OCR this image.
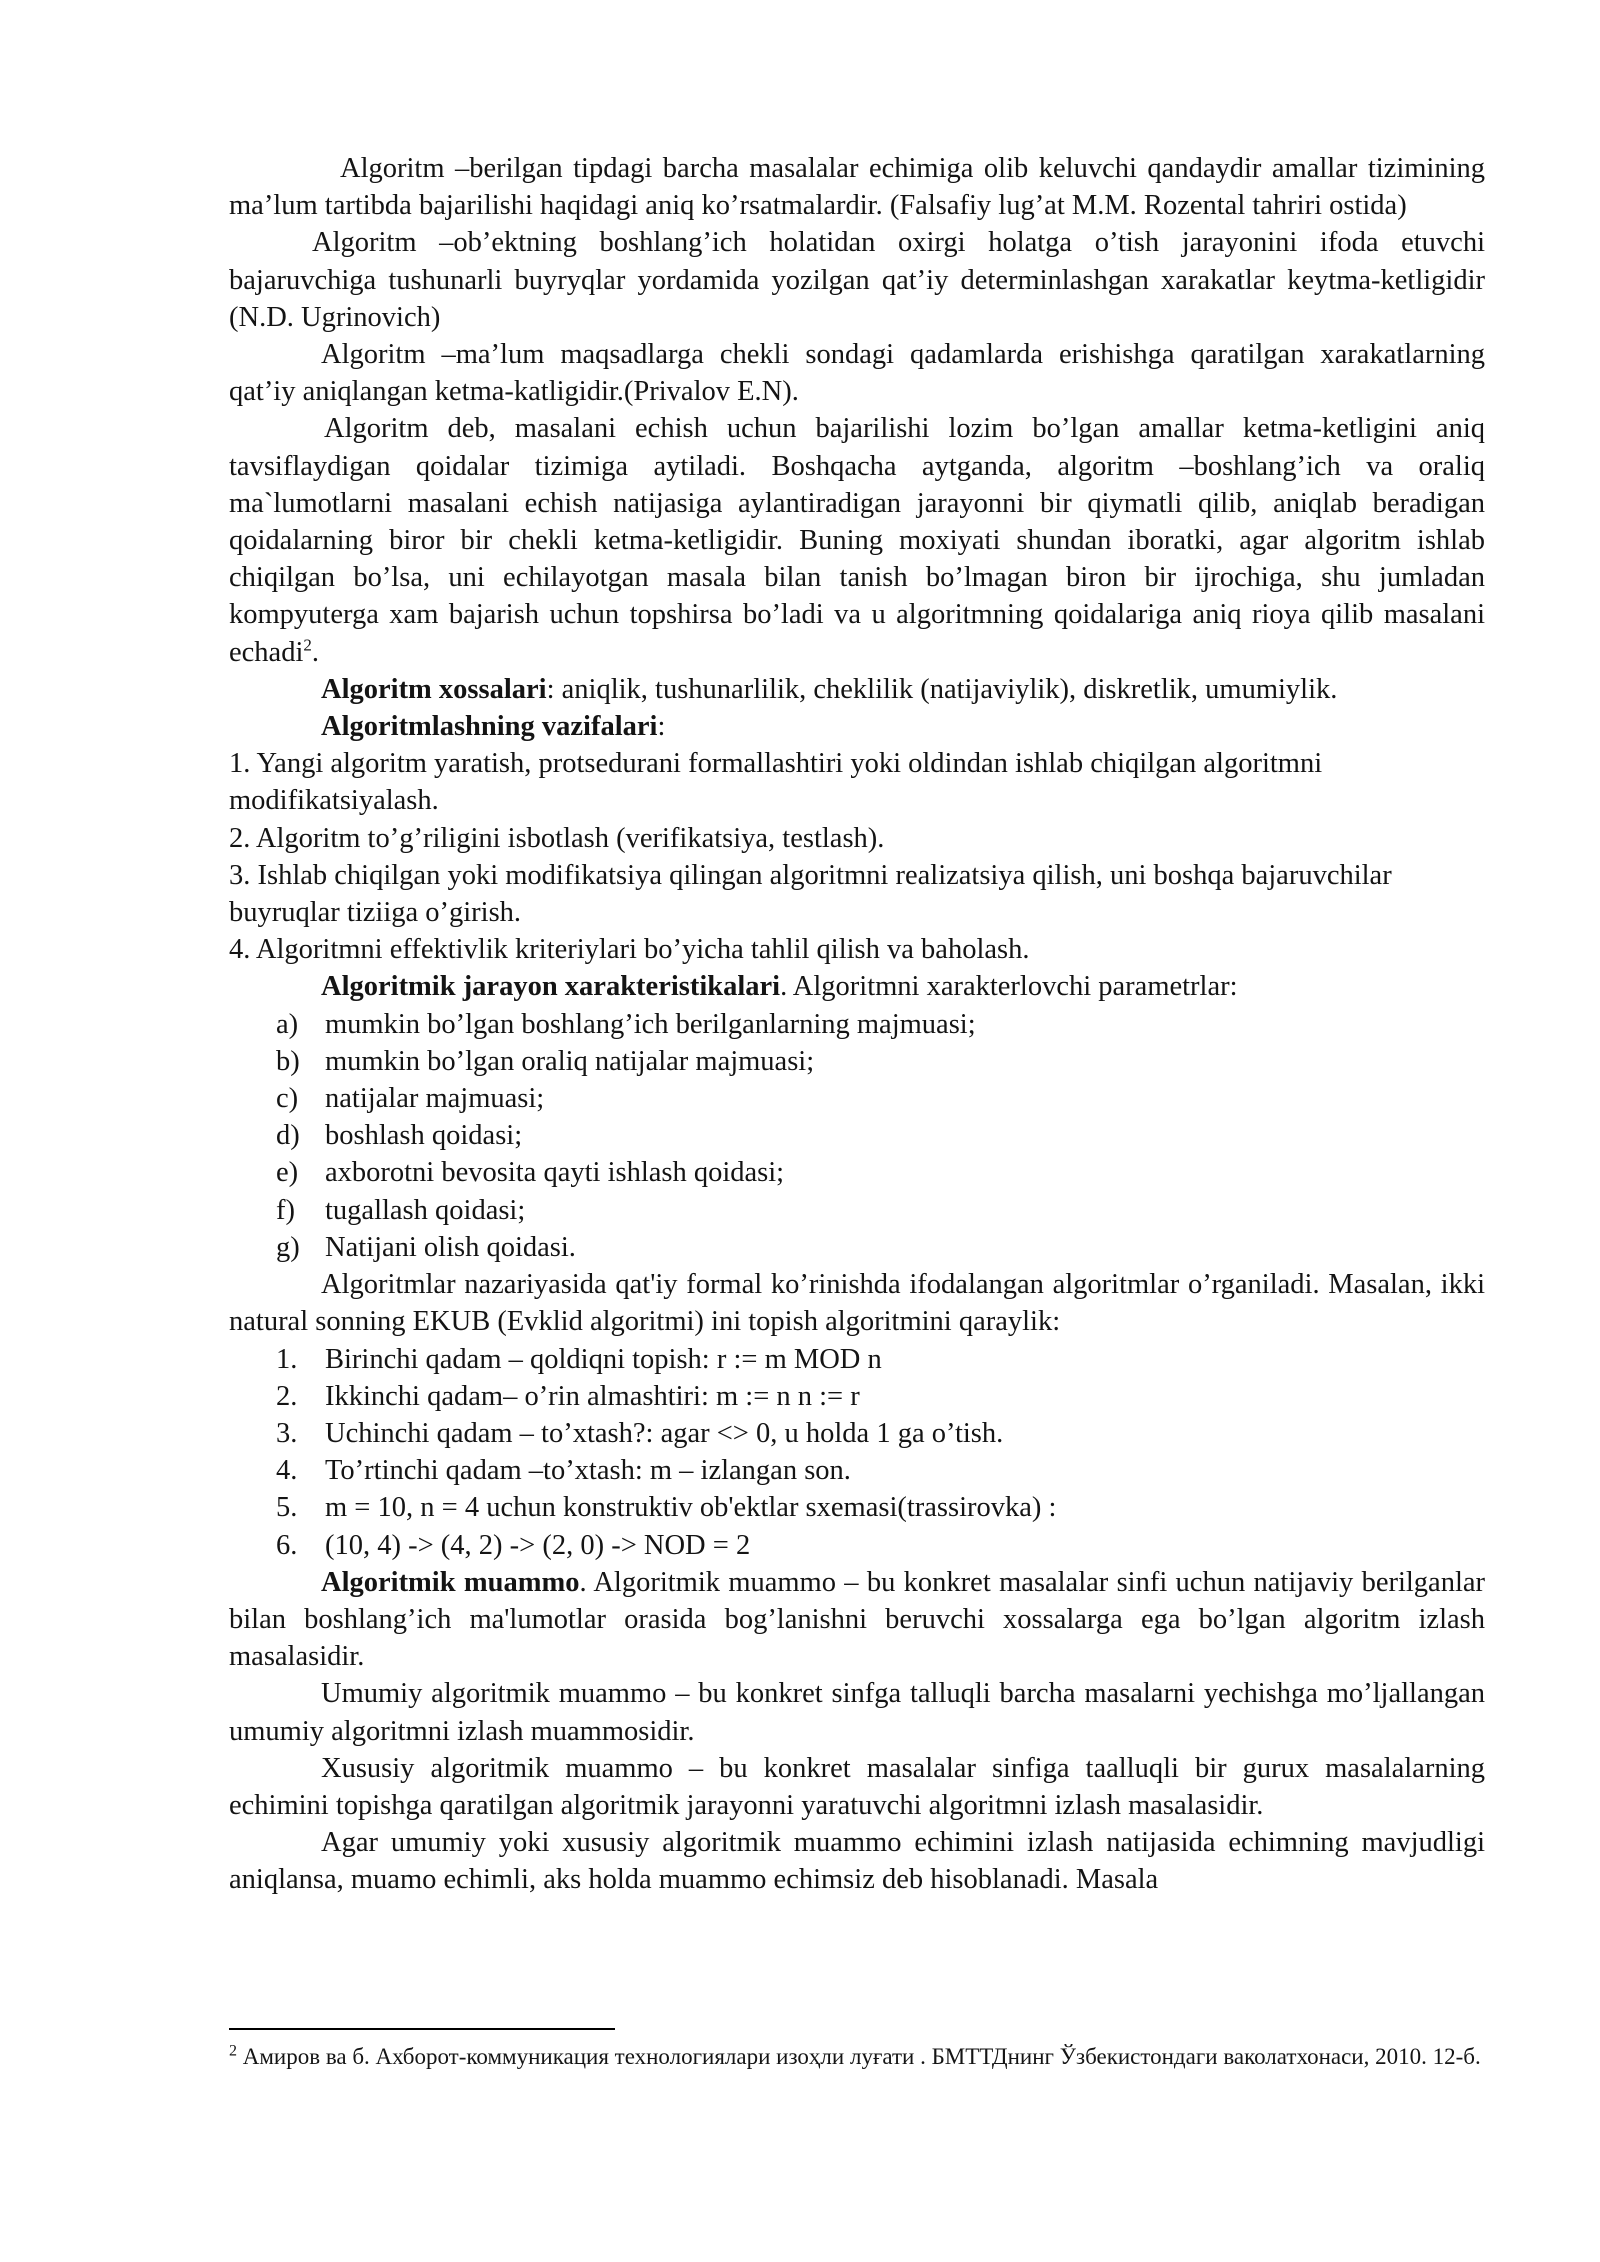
Algoritm –berilgan tipdagi barcha masalalar echimiga olib keluvchi qandaydir amallar tizimining ma’lum tartibda bajarilishi haqidagi aniq ko’rsatmalardir. (Falsafiy lug’at M.M. Rozental tahriri ostida)

Algoritm –ob’ektning boshlang’ich holatidan oxirgi holatga o’tish jarayonini ifoda etuvchi bajaruvchiga tushunarli buyryqlar yordamida yozilgan qat’iy determinlashgan xarakatlar keytma-ketligidir (N.D. Ugrinovich)

Algoritm –ma’lum maqsadlarga chekli sondagi qadamlarda erishishga qaratilgan xarakatlarning qat’iy aniqlangan ketma-katligidir.(Privalov E.N).

Algoritm deb, masalani echish uchun bajarilishi lozim bo’lgan amallar ketma-ketligini aniq tavsiflaydigan qoidalar tizimiga aytiladi. Boshqacha aytganda, algoritm –boshlang’ich va oraliq ma`lumotlarni masalani echish natijasiga aylantiradigan jarayonni bir qiymatli qilib, aniqlab beradigan qoidalarning biror bir chekli ketma-ketligidir. Buning moxiyati shundan iboratki, agar algoritm ishlab chiqilgan bo’lsa, uni echilayotgan masala bilan tanish bo’lmagan biron bir ijrochiga, shu jumladan kompyuterga xam bajarish uchun topshirsa bo’ladi va u algoritmning qoidalariga aniq rioya qilib masalani echadi$^2$.

Algoritm xossalari: aniqlik, tushunarlilik, cheklilik (natijaviylik), diskretlik, umumiylik.

Algoritmlashning vazifalari:

1. Yangi algoritm yaratish, protsedurani formallashtiri yoki oldindan ishlab chiqilgan algoritmni modifikatsiyalash.

2. Algoritm to’g’riligini isbotlash (verifikatsiya, testlash).

3. Ishlab chiqilgan yoki modifikatsiya qilingan algoritmni realizatsiya qilish, uni boshqa bajaruvchilar buyruqlar tiziiga o’girish.

4. Algoritmni effektivlik kriteriylari bo’yicha tahlil qilish va baholash.

Algoritmik jarayon xarakteristikalari. Algoritmni xarakterlovchi parametrlar:

a) mumkin bo’lgan boshlang’ich berilganlarning majmuasi;
b) mumkin bo’lgan oraliq natijalar majmuasi;
c) natijalar majmuasi;
d) boshlash qoidasi;
e) axborotni bevosita qayti ishlash qoidasi;
f) tugallash qoidasi;
g) Natijani olish qoidasi.

Algoritmlar nazariyasida qat'iy formal ko’rinishda ifodalangan algoritmlar o’rganiladi. Masalan, ikki natural sonning EKUB (Evklid algoritmi) ini topish algoritmini qaraylik:

1. Birinchi qadam – qoldiqni topish: r := m MOD n
2. Ikkinchi qadam– o’rin almashtiri: m := n n := r
3. Uchinchi qadam – to’xtash?: agar <> 0, u holda 1 ga o’tish.
4. To’rtinchi qadam –to’xtash: m – izlangan son.
5. m = 10, n = 4 uchun konstruktiv ob'ektlar sxemasi(trassirovka) :
6. (10, 4) -> (4, 2) -> (2, 0) -> NOD = 2

Algoritmik muammo. Algoritmik muammo – bu konkret masalalar sinfi uchun natijaviy berilganlar bilan boshlang’ich ma'lumotlar orasida bog’lanishni beruvchi xossalarga ega bo’lgan algoritm izlash masalasidir.

Umumiy algoritmik muammo – bu konkret sinfga talluqli barcha masalarni yechishga mo’ljallangan umumiy algoritmni izlash muammosidir.

Xususiy algoritmik muammo – bu konkret masalalar sinfiga taalluqli bir gurux masalalarning echimini topishga qaratilgan algoritmik jarayonni yaratuvchi algoritmni izlash masalasidir.

Agar umumiy yoki xususiy algoritmik muammo echimini izlash natijasida echimning mavjudligi aniqlansa, muamo echimli, aks holda muammo echimsiz deb hisoblanadi. Masala

$^2$ Амиров ва б. Ахборот-коммуникация технологиялари изоҳли луғати . БМТТДнинг Ўзбекистондаги ваколатхонаси, 2010. 12-б.
